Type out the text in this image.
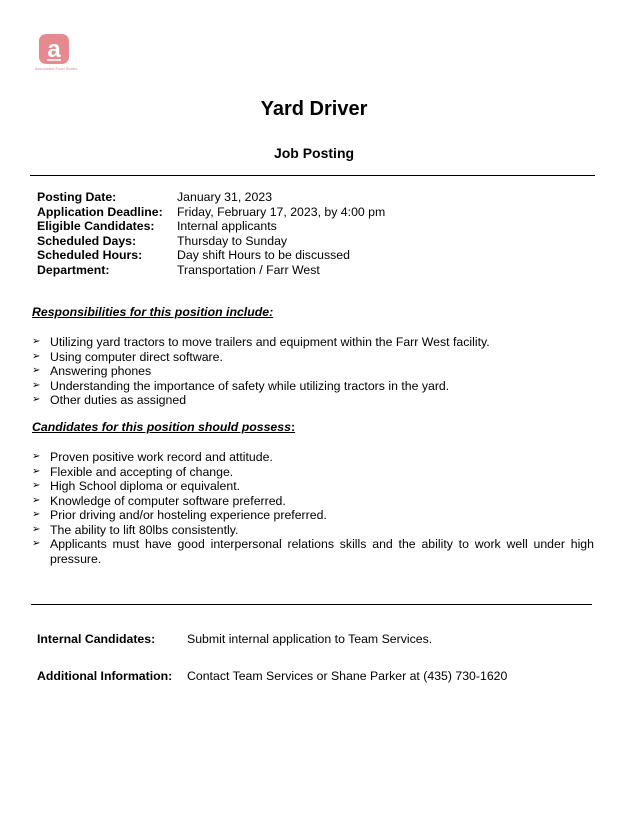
a
Associated Food Stores
Yard Driver
Job Posting
Posting Date:	January 31, 2023
Application Deadline: Friday, February 17, 2023, by 4:00 pm
Eligible Candidates: Internal applicants
Scheduled Days:	Thursday to Sunday
Scheduled Hours:	Day shift Hours to be discussed
Department:	Transportation / Farr West
Responsibilities for this position include:
➢ Utilizing yard tractors to move trailers and equipment within the Farr West facility.
➢ Using computer direct software.
➢ Answering phones
➢ Understanding the importance of safety while utilizing tractors in the yard.
➢ Other duties as assigned
Candidates for this position should possess:
➢ Proven positive work record and attitude.
➢ Flexible and accepting of change.
➢ High School diploma or equivalent.
➢ Knowledge of computer software preferred.
➢ Prior driving and/or hosteling experience preferred.
➢ The ability to lift 80lbs consistently.
➢ Applicants must have good interpersonal relations skills and the ability to work well under high pressure.
Internal Candidates:	Submit internal application to Team Services.
Additional Information: Contact Team Services or Shane Parker at (435) 730-1620
